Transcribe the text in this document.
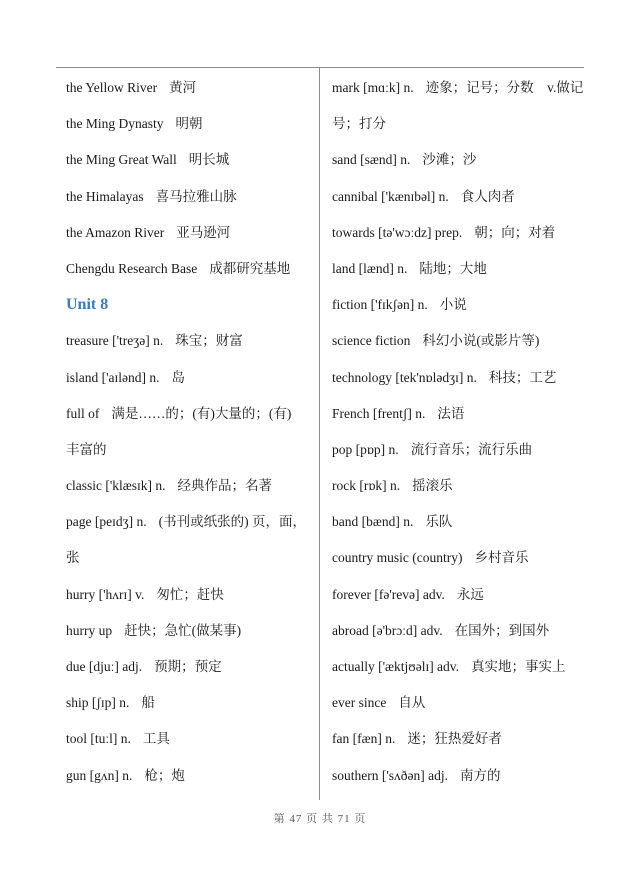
the Yellow River 黄河
the Ming Dynasty 明朝
the Ming Great Wall 明长城
the Himalayas 喜马拉雅山脉
the Amazon River 亚马逊河
Chengdu Research Base 成都研究基地
Unit 8
treasure ['treʒə] n. 珠宝；财富
island ['aɪlənd] n. 岛
full of 满是……的；(有)大量的；(有)
丰富的
classic ['klæsɪk] n. 经典作品；名著
page [peɪdʒ] n. (书刊或纸张的) 页，面，
张
hurry ['hʌrɪ] v. 匆忙；赶快
hurry up 赶快；急忙(做某事)
due [djuː] adj. 预期；预定
ship [ʃɪp] n. 船
tool [tuːl] n. 工具
gun [gʌn] n. 枪；炮
mark [mɑːk] n. 迹象；记号；分数　v.做记
号；打分
sand [sænd] n. 沙滩；沙
cannibal ['kænɪbəl] n. 食人肉者
towards [tə'wɔːdz] prep. 朝；向；对着
land [lænd] n. 陆地；大地
fiction ['fɪkʃən] n. 小说
science fiction 科幻小说(或影片等)
technology [tek'nɒlədʒɪ] n. 科技；工艺
French [frentʃ] n. 法语
pop [pɒp] n. 流行音乐；流行乐曲
rock [rɒk] n. 摇滚乐
band [bænd] n. 乐队
country music (country) 乡村音乐
forever [fə'revə] adv. 永远
abroad [ə'brɔːd] adv. 在国外；到国外
actually ['æktjʊəlɪ] adv. 真实地；事实上
ever since 自从
fan [fæn] n. 迷；狂热爱好者
southern ['sʌðən] adj. 南方的
第 47 页 共 71 页
